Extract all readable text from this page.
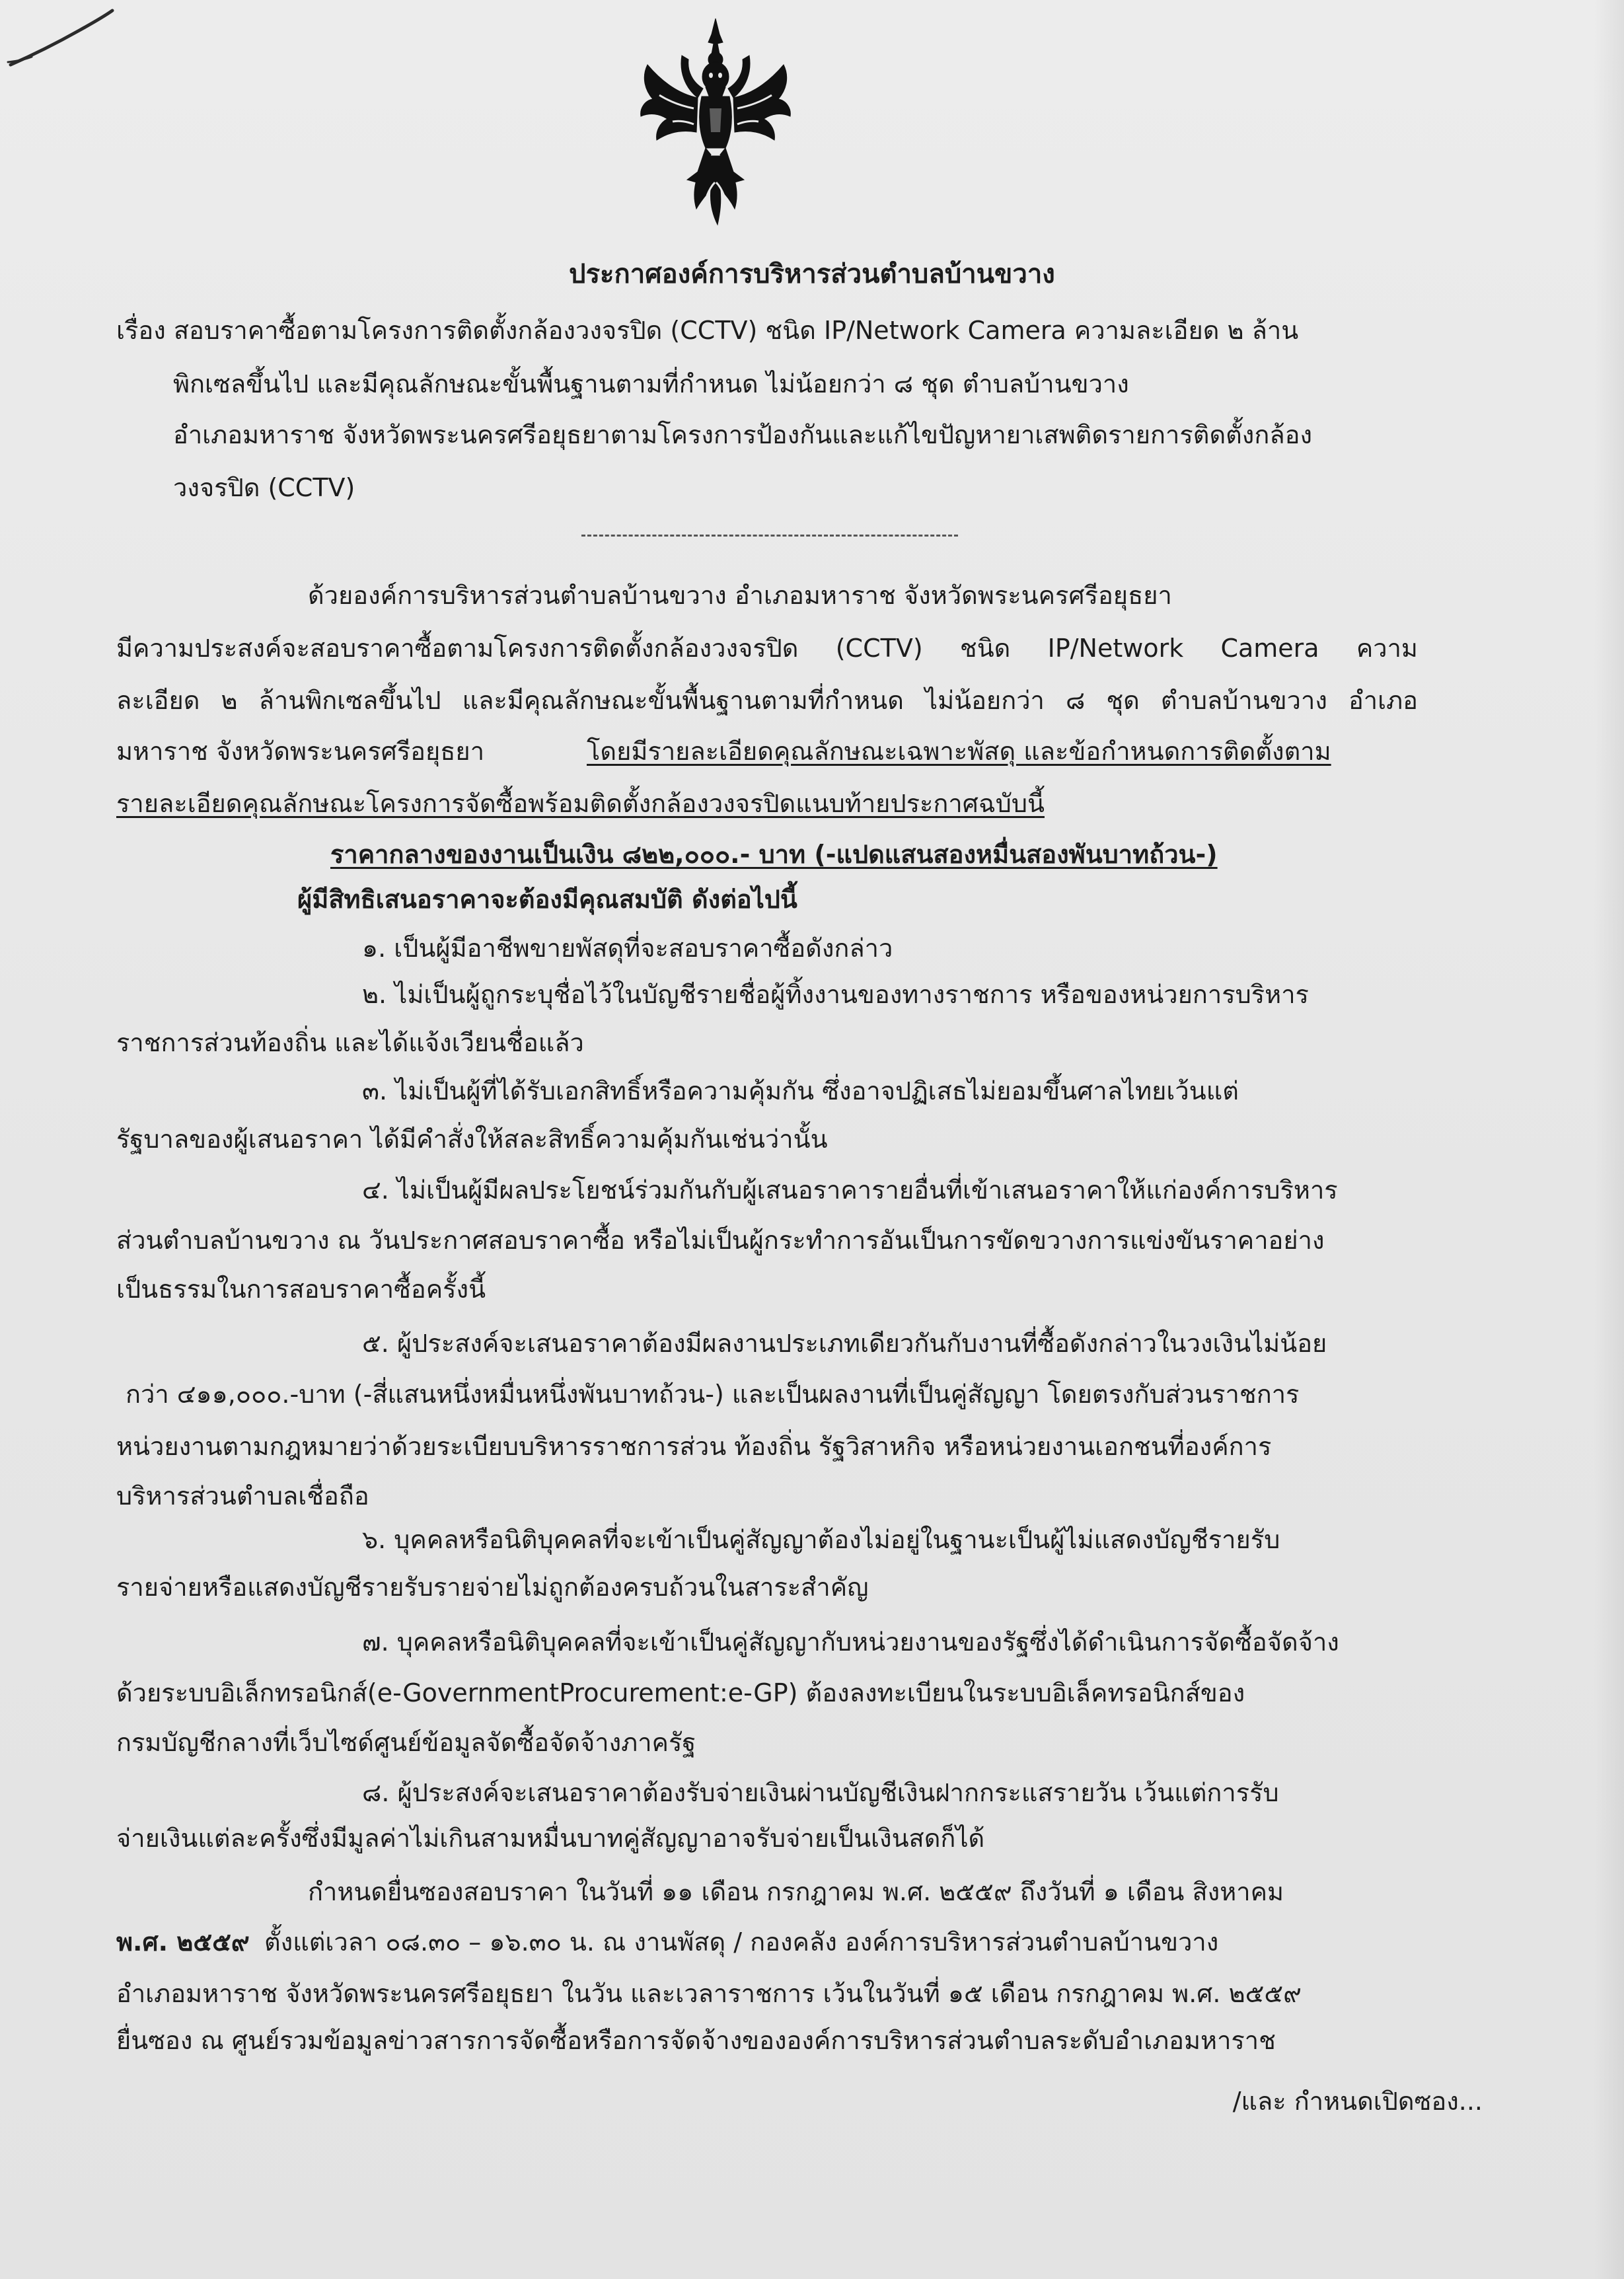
ประกาศองค์การบริหารส่วนตำบลบ้านขวาง
เรื่อง สอบราคาซื้อตามโครงการติดตั้งกล้องวงจรปิด (CCTV) ชนิด IP/Network Camera ความละเอียด ๒ ล้าน
พิกเซลขึ้นไป และมีคุณลักษณะขั้นพื้นฐานตามที่กำหนด ไม่น้อยกว่า ๘ ชุด ตำบลบ้านขวาง
อำเภอมหาราช จังหวัดพระนครศรีอยุธยาตามโครงการป้องกันและแก้ไขปัญหายาเสพติดรายการติดตั้งกล้อง
วงจรปิด (CCTV)
ด้วยองค์การบริหารส่วนตำบลบ้านขวาง อำเภอมหาราช จังหวัดพระนครศรีอยุธยา
มีความประสงค์จะสอบราคาซื้อตามโครงการติดตั้งกล้องวงจรปิด (CCTV) ชนิด IP/Network Camera ความ
ละเอียด ๒ ล้านพิกเซลขึ้นไป และมีคุณลักษณะขั้นพื้นฐานตามที่กำหนด ไม่น้อยกว่า ๘ ชุด ตำบลบ้านขวาง อำเภอ
มหาราช จังหวัดพระนครศรีอยุธยา	โดยมีรายละเอียดคุณลักษณะเฉพาะพัสดุ และข้อกำหนดการติดตั้งตาม
รายละเอียดคุณลักษณะโครงการจัดซื้อพร้อมติดตั้งกล้องวงจรปิดแนบท้ายประกาศฉบับนี้
ราคากลางของงานเป็นเงิน ๘๒๒,๐๐๐.- บาท (-แปดแสนสองหมื่นสองพันบาทถ้วน-)
ผู้มีสิทธิเสนอราคาจะต้องมีคุณสมบัติ ดังต่อไปนี้
๑. เป็นผู้มีอาชีพขายพัสดุที่จะสอบราคาซื้อดังกล่าว
๒. ไม่เป็นผู้ถูกระบุชื่อไว้ในบัญชีรายชื่อผู้ทิ้งงานของทางราชการ หรือของหน่วยการบริหาร
ราชการส่วนท้องถิ่น และได้แจ้งเวียนชื่อแล้ว
๓. ไม่เป็นผู้ที่ได้รับเอกสิทธิ์หรือความคุ้มกัน ซึ่งอาจปฏิเสธไม่ยอมขึ้นศาลไทยเว้นแต่
รัฐบาลของผู้เสนอราคา ได้มีคำสั่งให้สละสิทธิ์ความคุ้มกันเช่นว่านั้น
๔. ไม่เป็นผู้มีผลประโยชน์ร่วมกันกับผู้เสนอราคารายอื่นที่เข้าเสนอราคาให้แก่องค์การบริหาร
ส่วนตำบลบ้านขวาง ณ วันประกาศสอบราคาซื้อ หรือไม่เป็นผู้กระทำการอันเป็นการขัดขวางการแข่งขันราคาอย่าง
เป็นธรรมในการสอบราคาซื้อครั้งนี้
๕. ผู้ประสงค์จะเสนอราคาต้องมีผลงานประเภทเดียวกันกับงานที่ซื้อดังกล่าวในวงเงินไม่น้อย
กว่า ๔๑๑,๐๐๐.-บาท (-สี่แสนหนึ่งหมื่นหนึ่งพันบาทถ้วน-) และเป็นผลงานที่เป็นคู่สัญญา โดยตรงกับส่วนราชการ
หน่วยงานตามกฎหมายว่าด้วยระเบียบบริหารราชการส่วน ท้องถิ่น รัฐวิสาหกิจ หรือหน่วยงานเอกชนที่องค์การ
บริหารส่วนตำบลเชื่อถือ
๖. บุคคลหรือนิติบุคคลที่จะเข้าเป็นคู่สัญญาต้องไม่อยู่ในฐานะเป็นผู้ไม่แสดงบัญชีรายรับ
รายจ่ายหรือแสดงบัญชีรายรับรายจ่ายไม่ถูกต้องครบถ้วนในสาระสำคัญ
๗. บุคคลหรือนิติบุคคลที่จะเข้าเป็นคู่สัญญากับหน่วยงานของรัฐซึ่งได้ดำเนินการจัดซื้อจัดจ้าง
ด้วยระบบอิเล็กทรอนิกส์(e-GovernmentProcurement:e-GP) ต้องลงทะเบียนในระบบอิเล็คทรอนิกส์ของ
กรมบัญชีกลางที่เว็บไซด์ศูนย์ข้อมูลจัดซื้อจัดจ้างภาครัฐ
๘. ผู้ประสงค์จะเสนอราคาต้องรับจ่ายเงินผ่านบัญชีเงินฝากกระแสรายวัน เว้นแต่การรับ
จ่ายเงินแต่ละครั้งซึ่งมีมูลค่าไม่เกินสามหมื่นบาทคู่สัญญาอาจรับจ่ายเป็นเงินสดก็ได้
กำหนดยื่นซองสอบราคา ในวันที่ ๑๑ เดือน กรกฎาคม พ.ศ. ๒๕๕๙ ถึงวันที่ ๑ เดือน สิงหาคม
พ.ศ. ๒๕๕๙ ตั้งแต่เวลา ๐๘.๓๐ – ๑๖.๓๐ น. ณ งานพัสดุ / กองคลัง องค์การบริหารส่วนตำบลบ้านขวาง
อำเภอมหาราช จังหวัดพระนครศรีอยุธยา ในวัน และเวลาราชการ เว้นในวันที่ ๑๕ เดือน กรกฎาคม พ.ศ. ๒๕๕๙
ยื่นซอง ณ ศูนย์รวมข้อมูลข่าวสารการจัดซื้อหรือการจัดจ้างขององค์การบริหารส่วนตำบลระดับอำเภอมหาราช
/และ กำหนดเปิดซอง...
